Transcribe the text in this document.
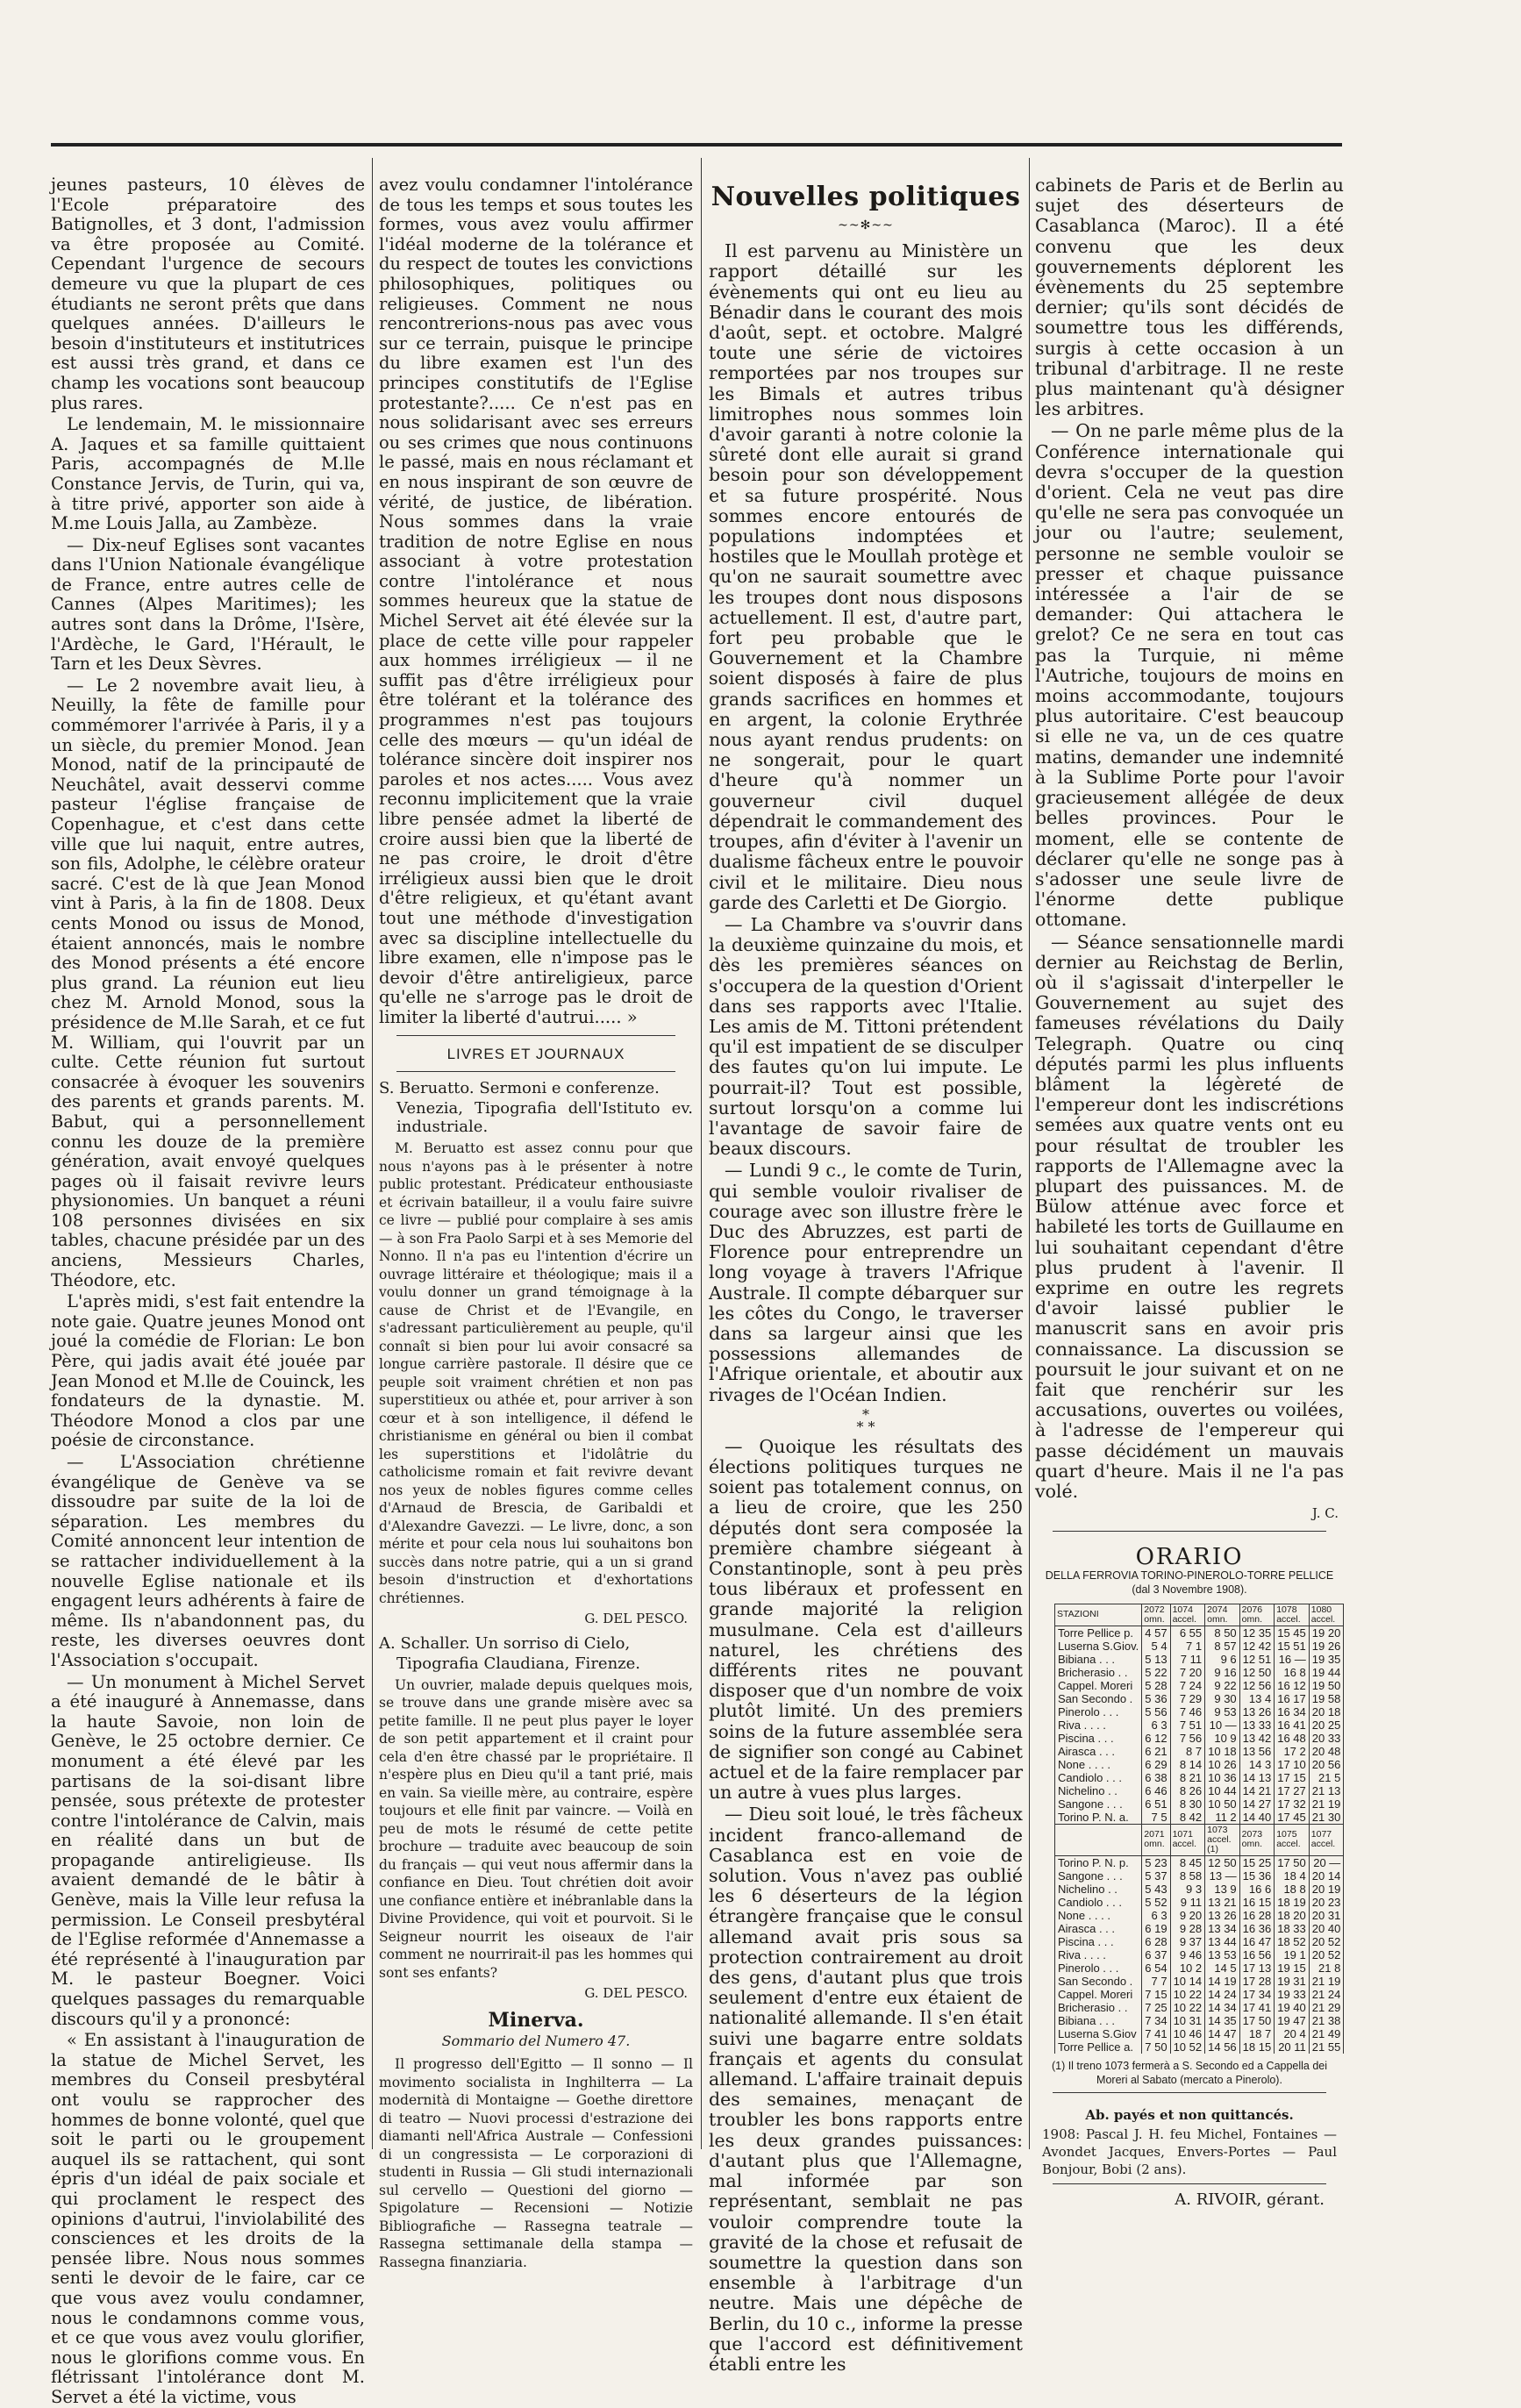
jeunes pasteurs, 10 élèves de l'Ecole préparatoire des Batignolles, et 3 dont, l'admission va être proposée au Comité. Cependant l'urgence de secours demeure vu que la plupart de ces étudiants ne seront prêts que dans quelques années. D'ailleurs le besoin d'instituteurs et institutrices est aussi très grand, et dans ce champ les vocations sont beaucoup plus rares.

Le lendemain, M. le missionnaire A. Jaques et sa famille quittaient Paris, accompagnés de M.lle Constance Jervis, de Turin, qui va, à titre privé, apporter son aide à M.me Louis Jalla, au Zambèze.

— Dix-neuf Eglises sont vacantes dans l'Union Nationale évangélique de France, entre autres celle de Cannes (Alpes Maritimes); les autres sont dans la Drôme, l'Isère, l'Ardèche, le Gard, l'Hérault, le Tarn et les Deux Sèvres.

— Le 2 novembre avait lieu, à Neuilly, la fête de famille pour commémorer l'arrivée à Paris, il y a un siècle, du premier Monod. Jean Monod, natif de la principauté de Neuchâtel, avait desservi comme pasteur l'église française de Copenhague, et c'est dans cette ville que lui naquit, entre autres, son fils, Adolphe, le célèbre orateur sacré. C'est de là que Jean Monod vint à Paris, à la fin de 1808. Deux cents Monod ou issus de Monod, étaient annoncés, mais le nombre des Monod présents a été encore plus grand. La réunion eut lieu chez M. Arnold Monod, sous la présidence de M.lle Sarah, et ce fut M. William, qui l'ouvrit par un culte. Cette réunion fut surtout consacrée à évoquer les souvenirs des parents et grands parents. M. Babut, qui a personnellement connu les douze de la première génération, avait envoyé quelques pages où il faisait revivre leurs physionomies. Un banquet a réuni 108 personnes divisées en six tables, chacune présidée par un des anciens, Messieurs Charles, Théodore, etc.

L'après midi, s'est fait entendre la note gaie. Quatre jeunes Monod ont joué la comédie de Florian: Le bon Père, qui jadis avait été jouée par Jean Monod et M.lle de Couinck, les fondateurs de la dynastie. M. Théodore Monod a clos par une poésie de circonstance.

— L'Association chrétienne évangélique de Genève va se dissoudre par suite de la loi de séparation. Les membres du Comité annoncent leur intention de se rattacher individuellement à la nouvelle Eglise nationale et ils engagent leurs adhérents à faire de même. Ils n'abandonnent pas, du reste, les diverses oeuvres dont l'Association s'occupait.

— Un monument à Michel Servet a été inauguré à Annemasse, dans la haute Savoie, non loin de Genève, le 25 octobre dernier. Ce monument a été élevé par les partisans de la soi-disant libre pensée, sous prétexte de protester contre l'intolérance de Calvin, mais en réalité dans un but de propagande antireligieuse. Ils avaient demandé de le bâtir à Genève, mais la Ville leur refusa la permission. Le Conseil presbytéral de l'Eglise reformée d'Annemasse a été représenté à l'inauguration par M. le pasteur Boegner. Voici quelques passages du remarquable discours qu'il y a prononcé:

« En assistant à l'inauguration de la statue de Michel Servet, les membres du Conseil presbytéral ont voulu se rapprocher des hommes de bonne volonté, quel que soit le parti ou le groupement auquel ils se rattachent, qui sont épris d'un idéal de paix sociale et qui proclament le respect des opinions d'autrui, l'inviolabilité des consciences et les droits de la pensée libre. Nous nous sommes senti le devoir de le faire, car ce que vous avez voulu condamner, nous le condamnons comme vous, et ce que vous avez voulu glorifier, nous le glorifions comme vous. En flétrissant l'intolérance dont M. Servet a été la victime, vous

avez voulu condamner l'intolérance de tous les temps et sous toutes les formes, vous avez voulu affirmer l'idéal moderne de la tolérance et du respect de toutes les convictions philosophiques, politiques ou religieuses. Comment ne nous rencontrerions-nous pas avec vous sur ce terrain, puisque le principe du libre examen est l'un des principes constitutifs de l'Eglise protestante?..... Ce n'est pas en nous solidarisant avec ses erreurs ou ses crimes que nous continuons le passé, mais en nous réclamant et en nous inspirant de son œuvre de vérité, de justice, de libération. Nous sommes dans la vraie tradition de notre Eglise en nous associant à votre protestation contre l'intolérance et nous sommes heureux que la statue de Michel Servet ait été élevée sur la place de cette ville pour rappeler aux hommes irréligieux — il ne suffit pas d'être irréligieux pour être tolérant et la tolérance des programmes n'est pas toujours celle des mœurs — qu'un idéal de tolérance sincère doit inspirer nos paroles et nos actes..... Vous avez reconnu implicitement que la vraie libre pensée admet la liberté de croire aussi bien que la liberté de ne pas croire, le droit d'être irréligieux aussi bien que le droit d'être religieux, et qu'étant avant tout une méthode d'investigation avec sa discipline intellectuelle du libre examen, elle n'impose pas le devoir d'être antireligieux, parce qu'elle ne s'arroge pas le droit de limiter la liberté d'autrui..... »

LIVRES ET JOURNAUX

S. Beruatto. Sermoni e conferenze.

Venezia, Tipografia dell'Istituto ev. industriale.

M. Beruatto est assez connu pour que nous n'ayons pas à le présenter à notre public protestant. Prédicateur enthousiaste et écrivain batailleur, il a voulu faire suivre ce livre — publié pour complaire à ses amis — à son Fra Paolo Sarpi et à ses Memorie del Nonno. Il n'a pas eu l'intention d'écrire un ouvrage littéraire et théologique; mais il a voulu donner un grand témoignage à la cause de Christ et de l'Evangile, en s'adressant particulièrement au peuple, qu'il connaît si bien pour lui avoir consacré sa longue carrière pastorale. Il désire que ce peuple soit vraiment chrétien et non pas superstitieux ou athée et, pour arriver à son cœur et à son intelligence, il défend le christianisme en général ou bien il combat les superstitions et l'idolâtrie du catholicisme romain et fait revivre devant nos yeux de nobles figures comme celles d'Arnaud de Brescia, de Garibaldi et d'Alexandre Gavezzi. — Le livre, donc, a son mérite et pour cela nous lui souhaitons bon succès dans notre patrie, qui a un si grand besoin d'instruction et d'exhortations chrétiennes.

G. DEL PESCO.

A. Schaller. Un sorriso di Cielo,

Tipografia Claudiana, Firenze.

Un ouvrier, malade depuis quelques mois, se trouve dans une grande misère avec sa petite famille. Il ne peut plus payer le loyer de son petit appartement et il craint pour cela d'en être chassé par le propriétaire. Il n'espère plus en Dieu qu'il a tant prié, mais en vain. Sa vieille mère, au contraire, espère toujours et elle finit par vaincre. — Voilà en peu de mots le résumé de cette petite brochure — traduite avec beaucoup de soin du français — qui veut nous affermir dans la confiance en Dieu. Tout chrétien doit avoir une confiance entière et inébranlable dans la Divine Providence, qui voit et pourvoit. Si le Seigneur nourrit les oiseaux de l'air comment ne nourrirait-il pas les hommes qui sont ses enfants?

G. DEL PESCO.

Minerva.
Sommario del Numero 47.

Il progresso dell'Egitto — Il sonno — Il movimento socialista in Inghilterra — La modernità di Montaigne — Goethe direttore di teatro — Nuovi processi d'estrazione dei diamanti nell'Africa Australe — Confessioni di un congressista — Le corporazioni di studenti in Russia — Gli studi internazionali sul cervello — Questioni del giorno — Spigolature — Recensioni — Notizie Bibliografiche — Rassegna teatrale — Rassegna settimanale della stampa — Rassegna finanziaria.

Nouvelles politiques
~~✻~~

Il est parvenu au Ministère un rapport détaillé sur les évènements qui ont eu lieu au Bénadir dans le courant des mois d'août, sept. et octobre. Malgré toute une série de victoires remportées par nos troupes sur les Bimals et autres tribus limitrophes nous sommes loin d'avoir garanti à notre colonie la sûreté dont elle aurait si grand besoin pour son développement et sa future prospérité. Nous sommes encore entourés de populations indomptées et hostiles que le Moullah protège et qu'on ne saurait soumettre avec les troupes dont nous disposons actuellement. Il est, d'autre part, fort peu probable que le Gouvernement et la Chambre soient disposés à faire de plus grands sacrifices en hommes et en argent, la colonie Erythrée nous ayant rendus prudents: on ne songerait, pour le quart d'heure qu'à nommer un gouverneur civil duquel dépendrait le commandement des troupes, afin d'éviter à l'avenir un dualisme fâcheux entre le pouvoir civil et le militaire. Dieu nous garde des Carletti et De Giorgio.

— La Chambre va s'ouvrir dans la deuxième quinzaine du mois, et dès les premières séances on s'occupera de la question d'Orient dans ses rapports avec l'Italie. Les amis de M. Tittoni prétendent qu'il est impatient de se disculper des fautes qu'on lui impute. Le pourrait-il? Tout est possible, surtout lorsqu'on a comme lui l'avantage de savoir faire de beaux discours.

— Lundi 9 c., le comte de Turin, qui semble vouloir rivaliser de courage avec son illustre frère le Duc des Abruzzes, est parti de Florence pour entreprendre un long voyage à travers l'Afrique Australe. Il compte débarquer sur les côtes du Congo, le traverser dans sa largeur ainsi que les possessions allemandes de l'Afrique orientale, et aboutir aux rivages de l'Océan Indien.

*
* *

— Quoique les résultats des élections politiques turques ne soient pas totalement connus, on a lieu de croire, que les 250 députés dont sera composée la première chambre siégeant à Constantinople, sont à peu près tous libéraux et professent en grande majorité la religion musulmane. Cela est d'ailleurs naturel, les chrétiens des différents rites ne pouvant disposer que d'un nombre de voix plutôt limité. Un des premiers soins de la future assemblée sera de signifier son congé au Cabinet actuel et de la faire remplacer par un autre à vues plus larges.

— Dieu soit loué, le très fâcheux incident franco-allemand de Casablanca est en voie de solution. Vous n'avez pas oublié les 6 déserteurs de la légion étrangère française que le consul allemand avait pris sous sa protection contrairement au droit des gens, d'autant plus que trois seulement d'entre eux étaient de nationalité allemande. Il s'en était suivi une bagarre entre soldats français et agents du consulat allemand. L'affaire trainait depuis des semaines, menaçant de troubler les bons rapports entre les deux grandes puissances: d'autant plus que l'Allemagne, mal informée par son représentant, semblait ne pas vouloir comprendre toute la gravité de la chose et refusait de soumettre la question dans son ensemble à l'arbitrage d'un neutre. Mais une dépêche de Berlin, du 10 c., informe la presse que l'accord est définitivement établi entre les

cabinets de Paris et de Berlin au sujet des déserteurs de Casablanca (Maroc). Il a été convenu que les deux gouvernements déplorent les évènements du 25 septembre dernier; qu'ils sont décidés de soumettre tous les différends, surgis à cette occasion à un tribunal d'arbitrage. Il ne reste plus maintenant qu'à désigner les arbitres.

— On ne parle même plus de la Conférence internationale qui devra s'occuper de la question d'orient. Cela ne veut pas dire qu'elle ne sera pas convoquée un jour ou l'autre; seulement, personne ne semble vouloir se presser et chaque puissance intéressée a l'air de se demander: Qui attachera le grelot? Ce ne sera en tout cas pas la Turquie, ni même l'Autriche, toujours de moins en moins accommodante, toujours plus autoritaire. C'est beaucoup si elle ne va, un de ces quatre matins, demander une indemnité à la Sublime Porte pour l'avoir gracieusement allégée de deux belles provinces. Pour le moment, elle se contente de déclarer qu'elle ne songe pas à s'adosser une seule livre de l'énorme dette publique ottomane.

— Séance sensationnelle mardi dernier au Reichstag de Berlin, où il s'agissait d'interpeller le Gouvernement au sujet des fameuses révélations du Daily Telegraph. Quatre ou cinq députés parmi les plus influents blâment la légèreté de l'empereur dont les indiscrétions semées aux quatre vents ont eu pour résultat de troubler les rapports de l'Allemagne avec la plupart des puissances. M. de Bülow atténue avec force et habileté les torts de Guillaume en lui souhaitant cependant d'être plus prudent à l'avenir. Il exprime en outre les regrets d'avoir laissé publier le manuscrit sans en avoir pris connaissance. La discussion se poursuit le jour suivant et on ne fait que renchérir sur les accusations, ouvertes ou voilées, à l'adresse de l'empereur qui passe décidément un mauvais quart d'heure. Mais il ne l'a pas volé.

J. C.

ORARIO
DELLA FERROVIA TORINO-PINEROLO-TORRE PELLICE
(dal 3 Novembre 1908).
STAZIONI	2072 omn.	1074 accel.	2074 omn.	2076 omn.	1078 accel.	1080 accel.
Torre Pellice p.	4 57	6 55	8 50	12 35	15 45	19 20
Luserna S.Giov.	5 4	7 1	8 57	12 42	15 51	19 26
Bibiana . . .	5 13	7 11	9 6	12 51	16 —	19 35
Bricherasio . .	5 22	7 20	9 16	12 50	16 8	19 44
Cappel. Moreri	5 28	7 24	9 22	12 56	16 12	19 50
San Secondo .	5 36	7 29	9 30	13 4	16 17	19 58
Pinerolo . . .	5 56	7 46	9 53	13 26	16 34	20 18
Riva . . . .	6 3	7 51	10 —	13 33	16 41	20 25
Piscina . . .	6 12	7 56	10 9	13 42	16 48	20 33
Airasca . . .	6 21	8 7	10 18	13 56	17 2	20 48
None . . . .	6 29	8 14	10 26	14 3	17 10	20 56
Candiolo . . .	6 38	8 21	10 36	14 13	17 15	21 5
Nichelino . .	6 46	8 26	10 44	14 21	17 27	21 13
Sangone . . .	6 51	8 30	10 50	14 27	17 32	21 19
Torino P. N. a.	7 5	8 42	11 2	14 40	17 45	21 30
	2071 omn.	1071 accel.	1073 accel. (1)	2073 omn.	1075 accel.	1077 accel.
Torino P. N. p.	5 23	8 45	12 50	15 25	17 50	20 —
Sangone . . .	5 37	8 58	13 —	15 36	18 4	20 14
Nichelino . .	5 43	9 3	13 9	16 6	18 8	20 19
Candiolo . . .	5 52	9 11	13 21	16 15	18 19	20 23
None . . . .	6 3	9 20	13 26	16 28	18 20	20 31
Airasca . . .	6 19	9 28	13 34	16 36	18 33	20 40
Piscina . . .	6 28	9 37	13 44	16 47	18 52	20 52
Riva . . . .	6 37	9 46	13 53	16 56	19 1	20 52
Pinerolo . . .	6 54	10 2	14 5	17 13	19 15	21 8
San Secondo .	7 7	10 14	14 19	17 28	19 31	21 19
Cappel. Moreri	7 15	10 22	14 24	17 34	19 33	21 24
Bricherasio . .	7 25	10 22	14 34	17 41	19 40	21 29
Bibiana . . .	7 34	10 31	14 35	17 50	19 47	21 38
Luserna S.Giov	7 41	10 46	14 47	18 7	20 4	21 49
Torre Pellice a.	7 50	10 52	14 56	18 15	20 11	21 55
(1) Il treno 1073 fermerà a S. Secondo ed a Cappella dei Moreri al Sabato (mercato a Pinerolo).
Ab. payés et non quittancés.

1908: Pascal J. H. feu Michel, Fontaines — Avondet Jacques, Envers-Portes — Paul Bonjour, Bobi (2 ans).

A. RIVOIR, gérant.
